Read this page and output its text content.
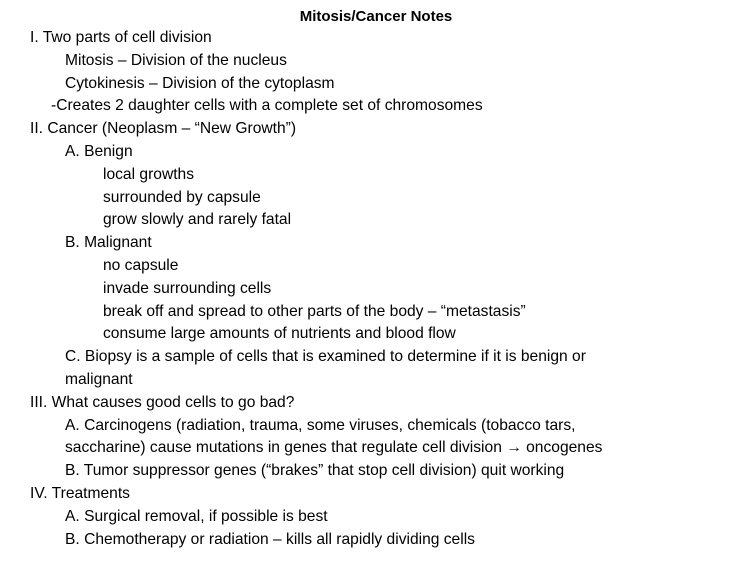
Mitosis/Cancer Notes
I. Two parts of cell division
Mitosis – Division of the nucleus
Cytokinesis – Division of the cytoplasm
-Creates 2 daughter cells with a complete set of chromosomes
II. Cancer (Neoplasm – “New Growth”)
A. Benign
local growths
surrounded by capsule
grow slowly and rarely fatal
B. Malignant
no capsule
invade surrounding cells
break off and spread to other parts of the body – “metastasis”
consume large amounts of nutrients and blood flow
C. Biopsy is a sample of cells that is examined to determine if it is benign or
malignant
III. What causes good cells to go bad?
A. Carcinogens (radiation, trauma, some viruses, chemicals (tobacco tars,
saccharine) cause mutations in genes that regulate cell division → oncogenes
B. Tumor suppressor genes (“brakes” that stop cell division) quit working
IV. Treatments
A. Surgical removal, if possible is best
B. Chemotherapy or radiation – kills all rapidly dividing cells
